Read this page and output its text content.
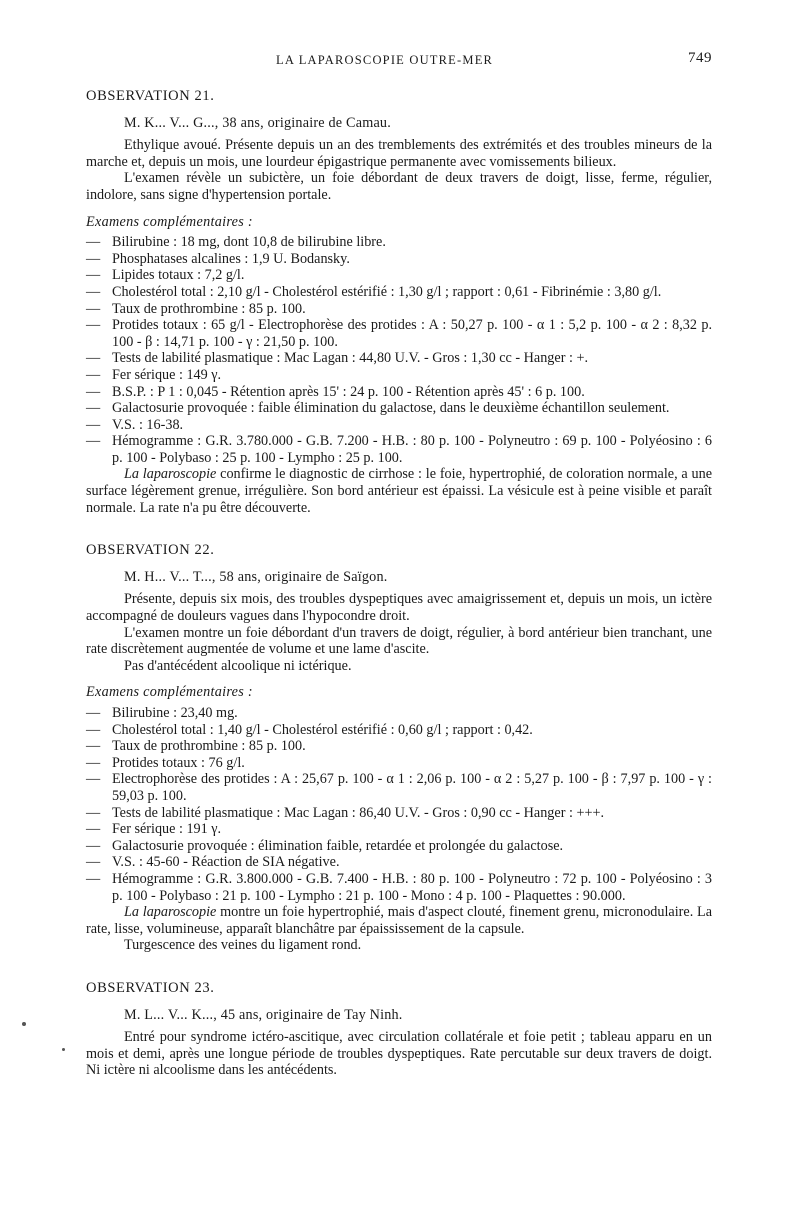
LA LAPAROSCOPIE OUTRE-MER	749
OBSERVATION 21.
M. K... V... G..., 38 ans, originaire de Camau.

Ethylique avoué. Présente depuis un an des tremblements des extrémités et des troubles mineurs de la marche et, depuis un mois, une lourdeur épigastrique permanente avec vomissements bilieux.

L'examen révèle un subictère, un foie débordant de deux travers de doigt, lisse, ferme, régulier, indolore, sans signe d'hypertension portale.

Examens complémentaires :
— Bilirubine : 18 mg, dont 10,8 de bilirubine libre.
— Phosphatases alcalines : 1,9 U. Bodansky.
— Lipides totaux : 7,2 g/l.
— Cholestérol total : 2,10 g/l - Cholestérol estérifié : 1,30 g/l ; rapport : 0,61 - Fibrinémie : 3,80 g/l.
— Taux de prothrombine : 85 p. 100.
— Protides totaux : 65 g/l - Electrophorèse des protides : A : 50,27 p. 100 - α 1 : 5,2 p. 100 - α 2 : 8,32 p. 100 - β : 14,71 p. 100 - γ : 21,50 p. 100.
— Tests de labilité plasmatique : Mac Lagan : 44,80 U.V. - Gros : 1,30 cc - Hanger : +.
— Fer sérique : 149 γ.
— B.S.P. : P 1 : 0,045 - Rétention après 15' : 24 p. 100 - Rétention après 45' : 6 p. 100.
— Galactosurie provoquée : faible élimination du galactose, dans le deuxième échantillon seulement.
— V.S. : 16-38.
— Hémogramme : G.R. 3.780.000 - G.B. 7.200 - H.B. : 80 p. 100 - Polyneutro : 69 p. 100 - Polyéosino : 6 p. 100 - Polybaso : 25 p. 100 - Lympho : 25 p. 100.

La laparoscopie confirme le diagnostic de cirrhose : le foie, hypertrophié, de coloration normale, a une surface légèrement grenue, irrégulière. Son bord antérieur est épaissi. La vésicule est à peine visible et paraît normale. La rate n'a pu être découverte.

OBSERVATION 22.
M. H... V... T..., 58 ans, originaire de Saïgon.

Présente, depuis six mois, des troubles dyspeptiques avec amaigrissement et, depuis un mois, un ictère accompagné de douleurs vagues dans l'hypocondre droit.

L'examen montre un foie débordant d'un travers de doigt, régulier, à bord antérieur bien tranchant, une rate discrètement augmentée de volume et une lame d'ascite.

Pas d'antécédent alcoolique ni ictérique.

Examens complémentaires :
— Bilirubine : 23,40 mg.
— Cholestérol total : 1,40 g/l - Cholestérol estérifié : 0,60 g/l ; rapport : 0,42.
— Taux de prothrombine : 85 p. 100.
— Protides totaux : 76 g/l.
— Electrophorèse des protides : A : 25,67 p. 100 - α 1 : 2,06 p. 100 - α 2 : 5,27 p. 100 - β : 7,97 p. 100 - γ : 59,03 p. 100.
— Tests de labilité plasmatique : Mac Lagan : 86,40 U.V. - Gros : 0,90 cc - Hanger : +++.
— Fer sérique : 191 γ.
— Galactosurie provoquée : élimination faible, retardée et prolongée du galactose.
— V.S. : 45-60 - Réaction de SIA négative.
— Hémogramme : G.R. 3.800.000 - G.B. 7.400 - H.B. : 80 p. 100 - Polyneutro : 72 p. 100 - Polyéosino : 3 p. 100 - Polybaso : 21 p. 100 - Lympho : 21 p. 100 - Mono : 4 p. 100 - Plaquettes : 90.000.

La laparoscopie montre un foie hypertrophié, mais d'aspect clouté, finement grenu, micronodulaire. La rate, lisse, volumineuse, apparaît blanchâtre par épaississement de la capsule.

Turgescence des veines du ligament rond.

OBSERVATION 23.
M. L... V... K..., 45 ans, originaire de Tay Ninh.

Entré pour syndrome ictéro-ascitique, avec circulation collatérale et foie petit ; tableau apparu en un mois et demi, après une longue période de troubles dyspeptiques. Rate percutable sur deux travers de doigt. Ni ictère ni alcoolisme dans les antécédents.
